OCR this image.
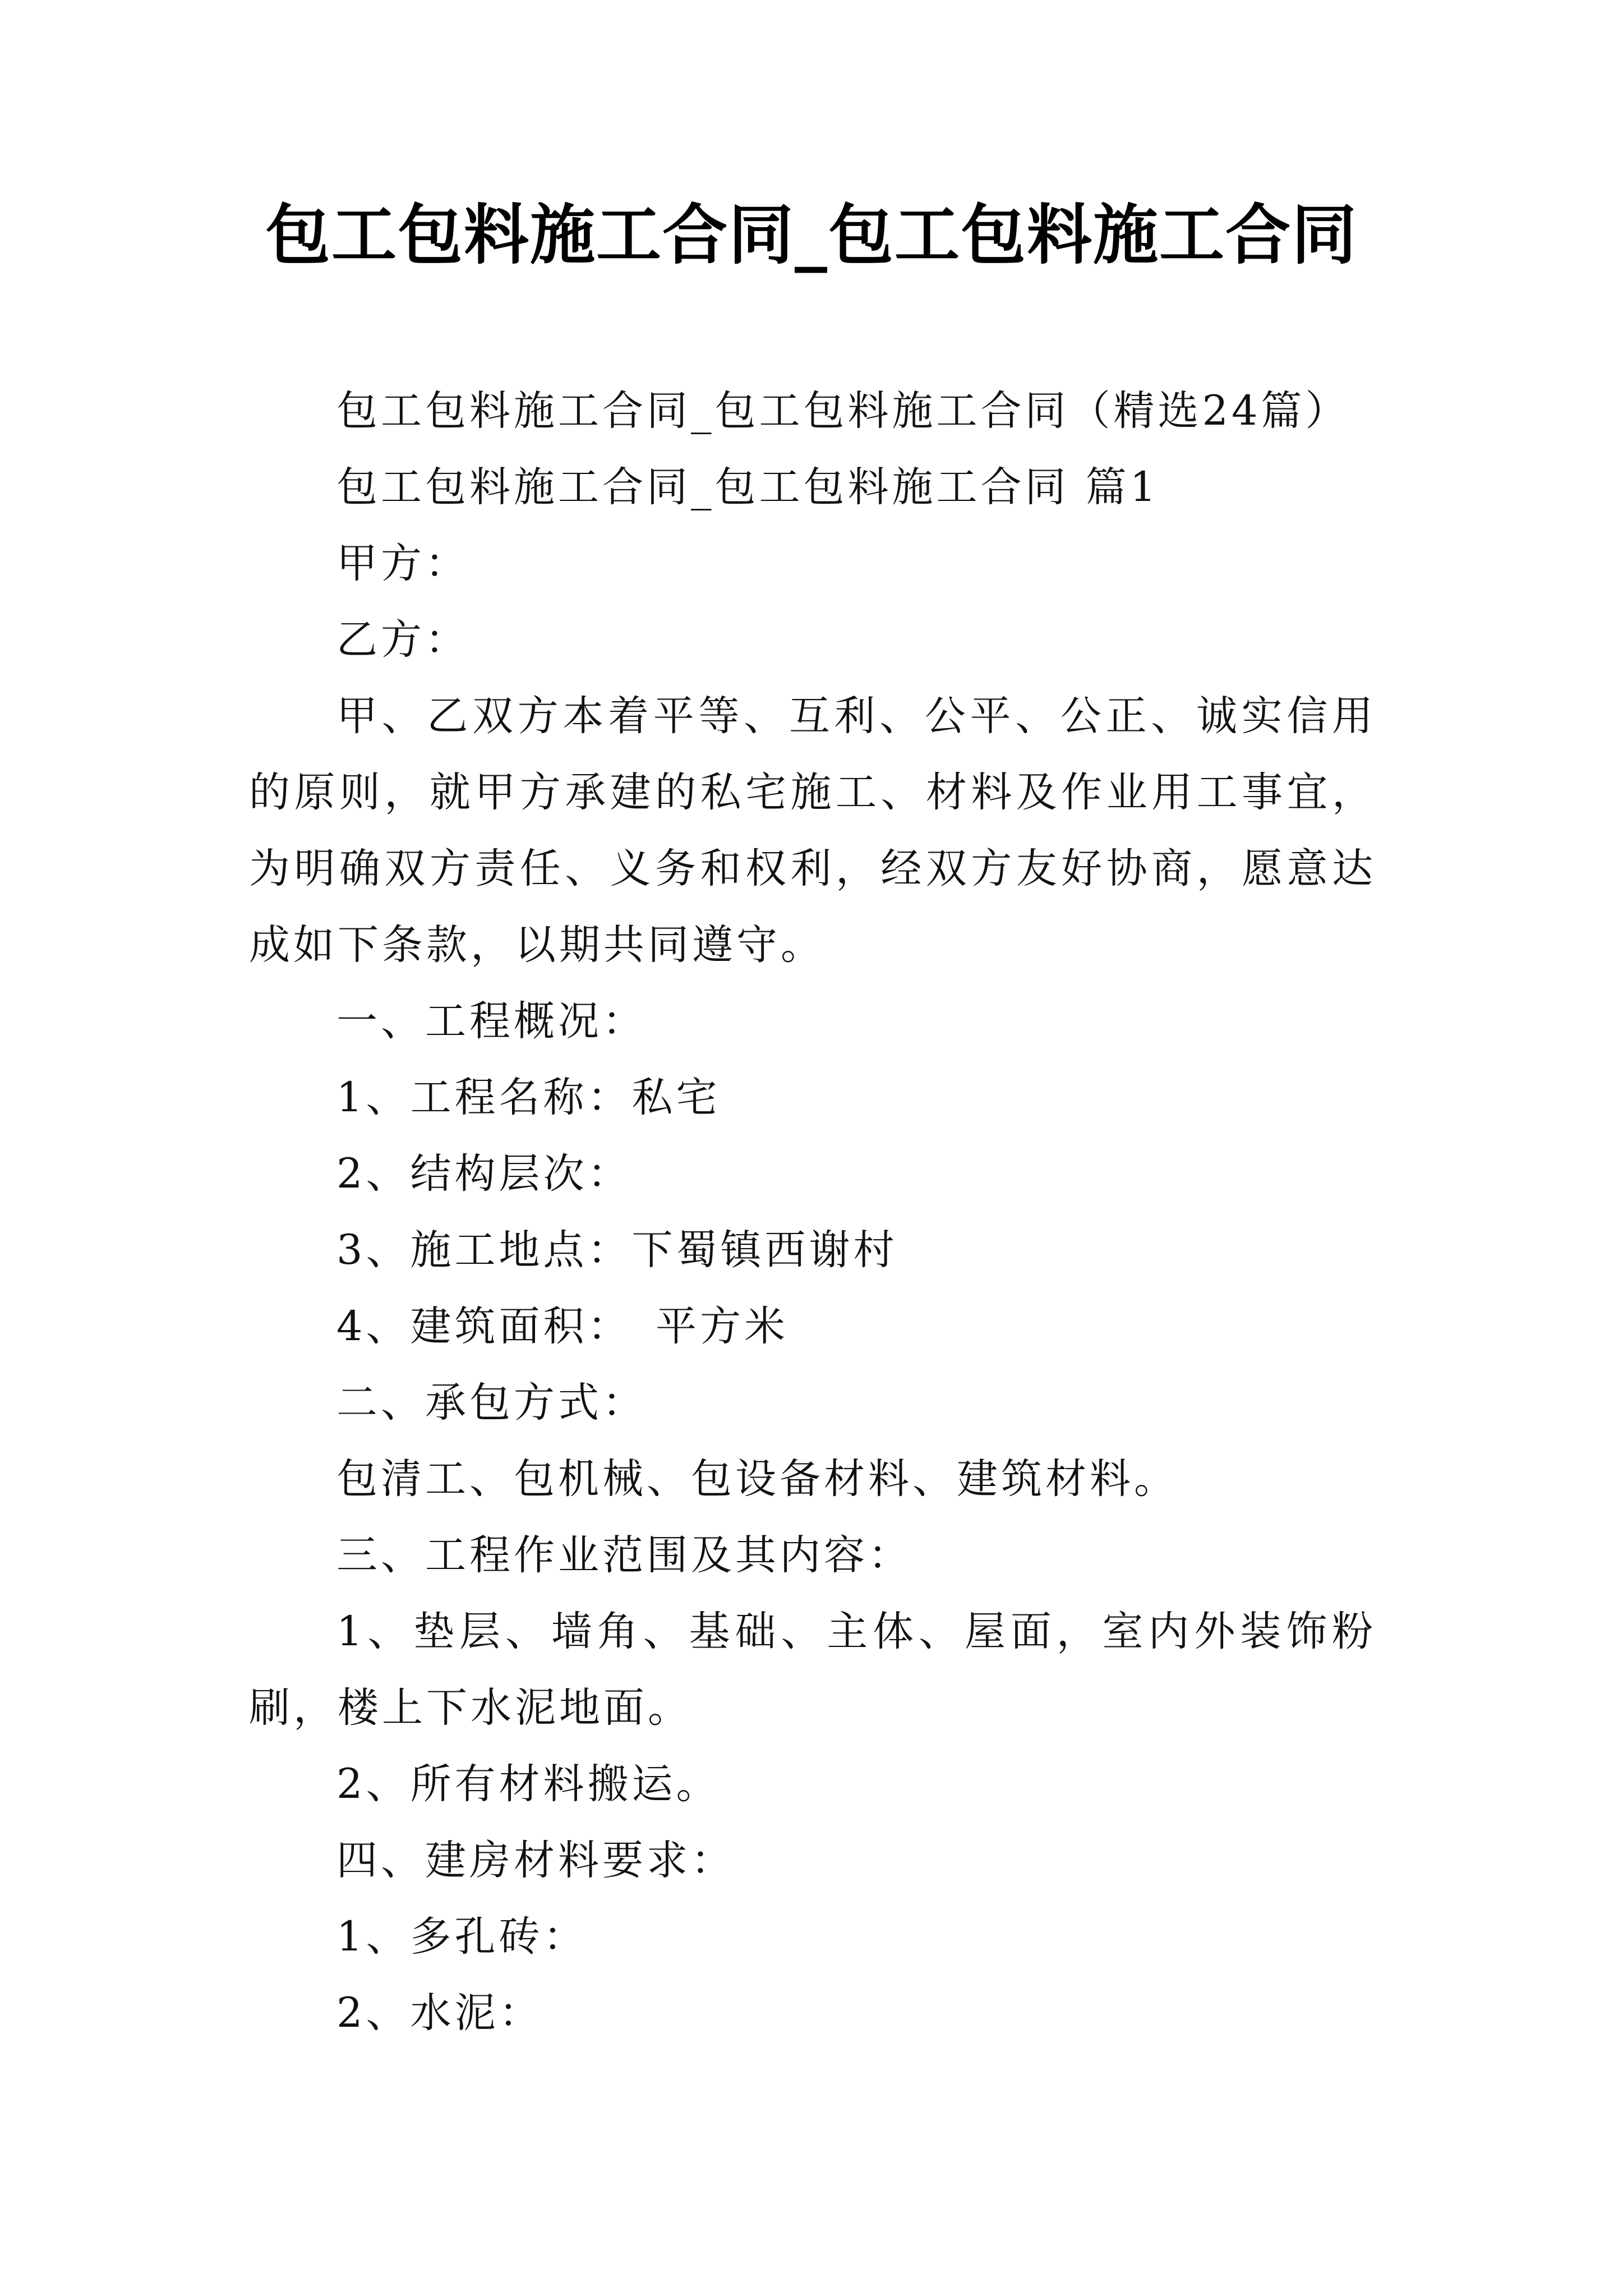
包工包料施工合同_包工包料施工合同

包工包料施工合同_包工包料施工合同（精选24篇）

包工包料施工合同_包工包料施工合同 篇1

甲方：

乙方：

甲、乙双方本着平等、互利、公平、公正、诚实信用的原则，就甲方承建的私宅施工、材料及作业用工事宜，为明确双方责任、义务和权利，经双方友好协商，愿意达成如下条款，以期共同遵守。

一、工程概况：

1、工程名称：私宅

2、结构层次：

3、施工地点：下蜀镇西谢村

4、建筑面积：　平方米

二、承包方式：

包清工、包机械、包设备材料、建筑材料。

三、工程作业范围及其内容：

1、垫层、墙角、基础、主体、屋面，室内外装饰粉刷，楼上下水泥地面。

2、所有材料搬运。

四、建房材料要求：

1、多孔砖：

2、水泥：
